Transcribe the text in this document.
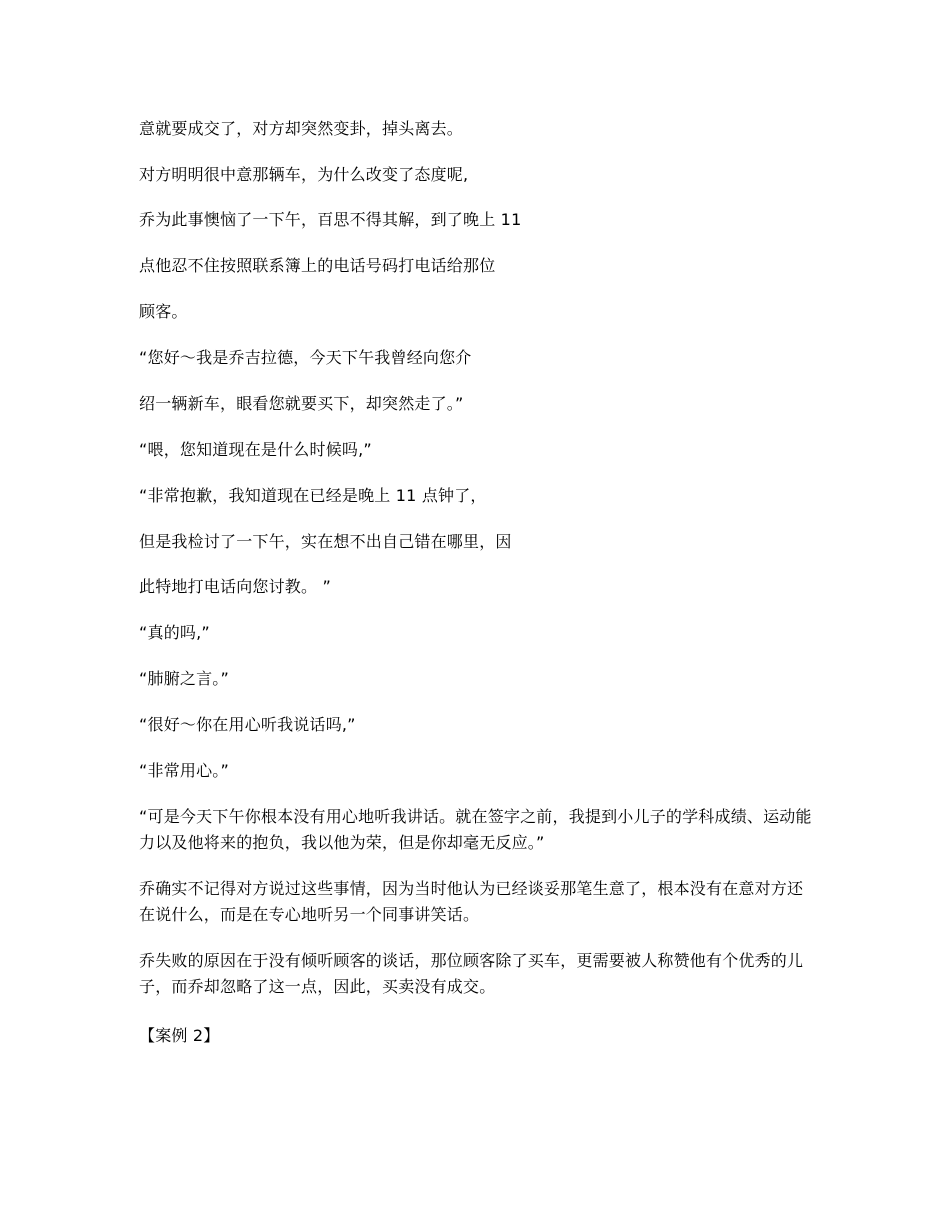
意就要成交了，对方却突然变卦，掉头离去。

对方明明很中意那辆车，为什么改变了态度呢,

乔为此事懊恼了一下午，百思不得其解，到了晚上 11

点他忍不住按照联系簿上的电话号码打电话给那位

顾客。

“您好～我是乔吉拉德，今天下午我曾经向您介

绍一辆新车，眼看您就要买下，却突然走了。”

“喂，您知道现在是什么时候吗,”

“非常抱歉，我知道现在已经是晚上 11 点钟了，

但是我检讨了一下午，实在想不出自己错在哪里，因

此特地打电话向您讨教。 ”

“真的吗,”

“肺腑之言。”

“很好～你在用心听我说话吗,”

“非常用心。”

“可是今天下午你根本没有用心地听我讲话。就在签字之前，我提到小儿子的学科成绩、运动能力以及他将来的抱负，我以他为荣，但是你却毫无反应。”

乔确实不记得对方说过这些事情，因为当时他认为已经谈妥那笔生意了，根本没有在意对方还在说什么，而是在专心地听另一个同事讲笑话。

乔失败的原因在于没有倾听顾客的谈话，那位顾客除了买车，更需要被人称赞他有个优秀的儿子，而乔却忽略了这一点，因此，买卖没有成交。

【案例 2】
